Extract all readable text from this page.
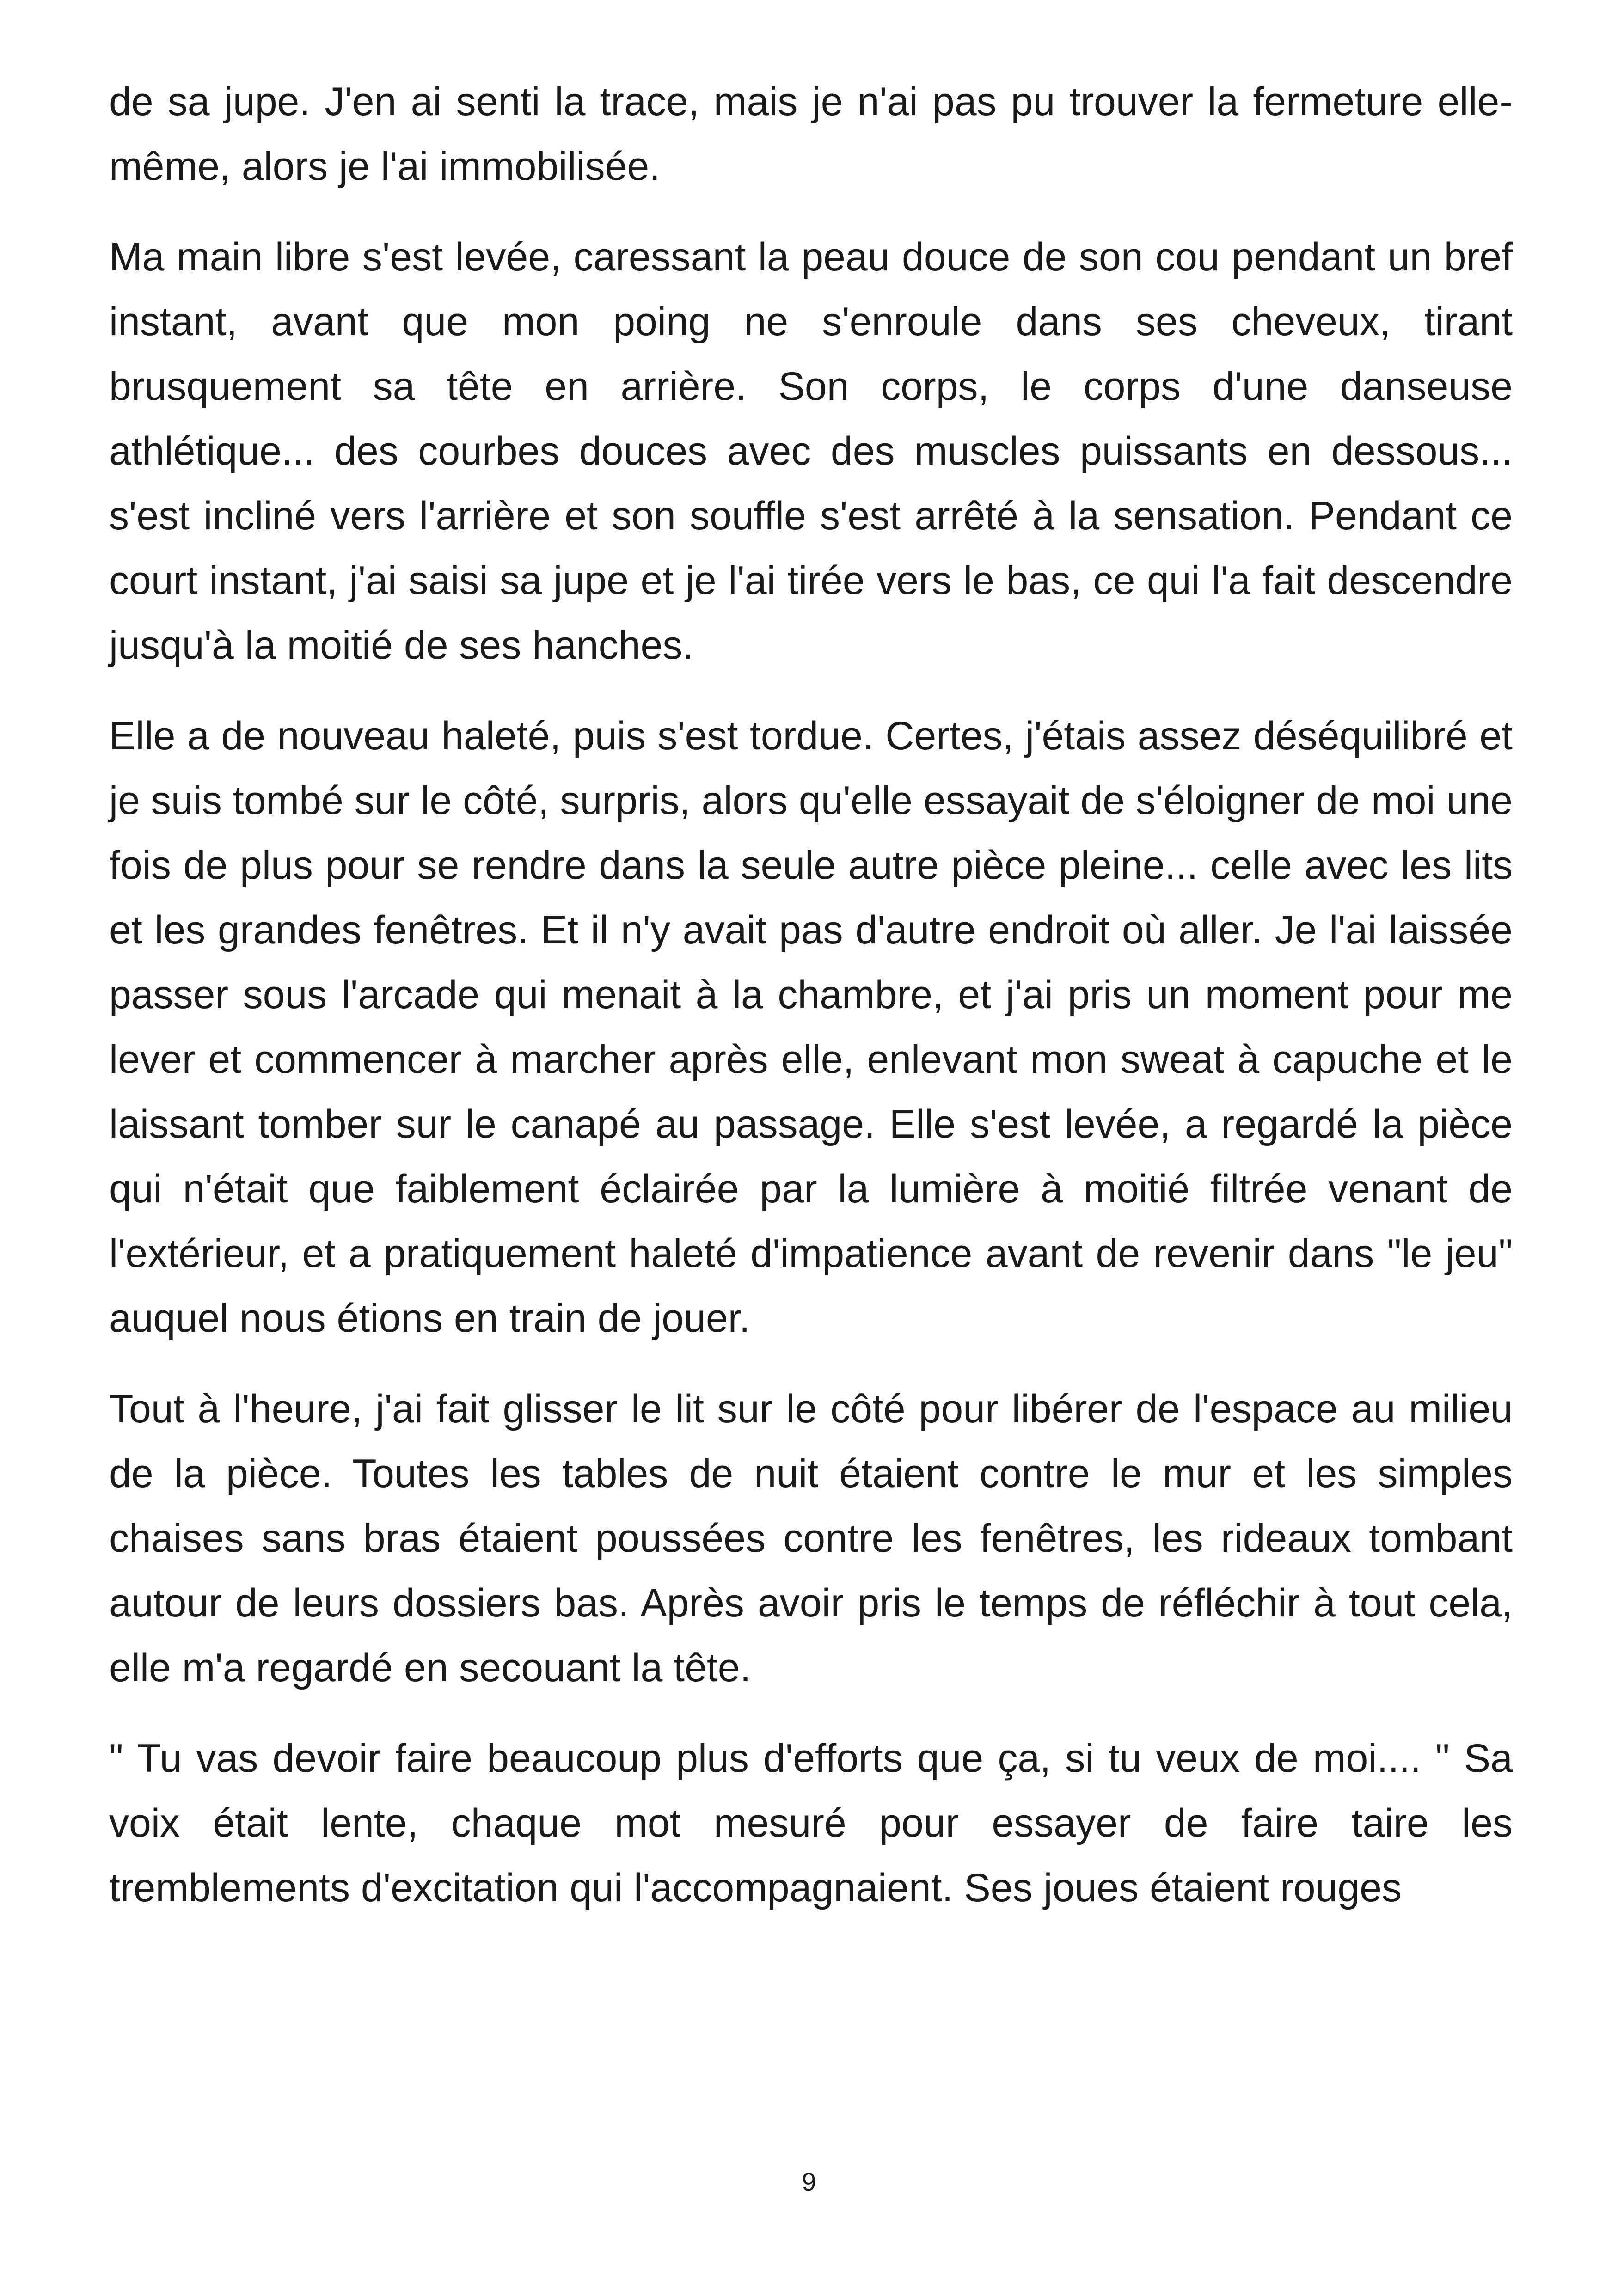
de sa jupe. J'en ai senti la trace, mais je n'ai pas pu trouver la fermeture elle-même, alors je l'ai immobilisée.

Ma main libre s'est levée, caressant la peau douce de son cou pendant un bref instant, avant que mon poing ne s'enroule dans ses cheveux, tirant brusquement sa tête en arrière. Son corps, le corps d'une danseuse athlétique... des courbes douces avec des muscles puissants en dessous... s'est incliné vers l'arrière et son souffle s'est arrêté à la sensation. Pendant ce court instant, j'ai saisi sa jupe et je l'ai tirée vers le bas, ce qui l'a fait descendre jusqu'à la moitié de ses hanches.

Elle a de nouveau haleté, puis s'est tordue. Certes, j'étais assez déséquilibré et je suis tombé sur le côté, surpris, alors qu'elle essayait de s'éloigner de moi une fois de plus pour se rendre dans la seule autre pièce pleine... celle avec les lits et les grandes fenêtres. Et il n'y avait pas d'autre endroit où aller. Je l'ai laissée passer sous l'arcade qui menait à la chambre, et j'ai pris un moment pour me lever et commencer à marcher après elle, enlevant mon sweat à capuche et le laissant tomber sur le canapé au passage. Elle s'est levée, a regardé la pièce qui n'était que faiblement éclairée par la lumière à moitié filtrée venant de l'extérieur, et a pratiquement haleté d'impatience avant de revenir dans "le jeu" auquel nous étions en train de jouer.

Tout à l'heure, j'ai fait glisser le lit sur le côté pour libérer de l'espace au milieu de la pièce. Toutes les tables de nuit étaient contre le mur et les simples chaises sans bras étaient poussées contre les fenêtres, les rideaux tombant autour de leurs dossiers bas. Après avoir pris le temps de réfléchir à tout cela, elle m'a regardé en secouant la tête.

" Tu vas devoir faire beaucoup plus d'efforts que ça, si tu veux de moi.... " Sa voix était lente, chaque mot mesuré pour essayer de faire taire les tremblements d'excitation qui l'accompagnaient. Ses joues étaient rouges

9
